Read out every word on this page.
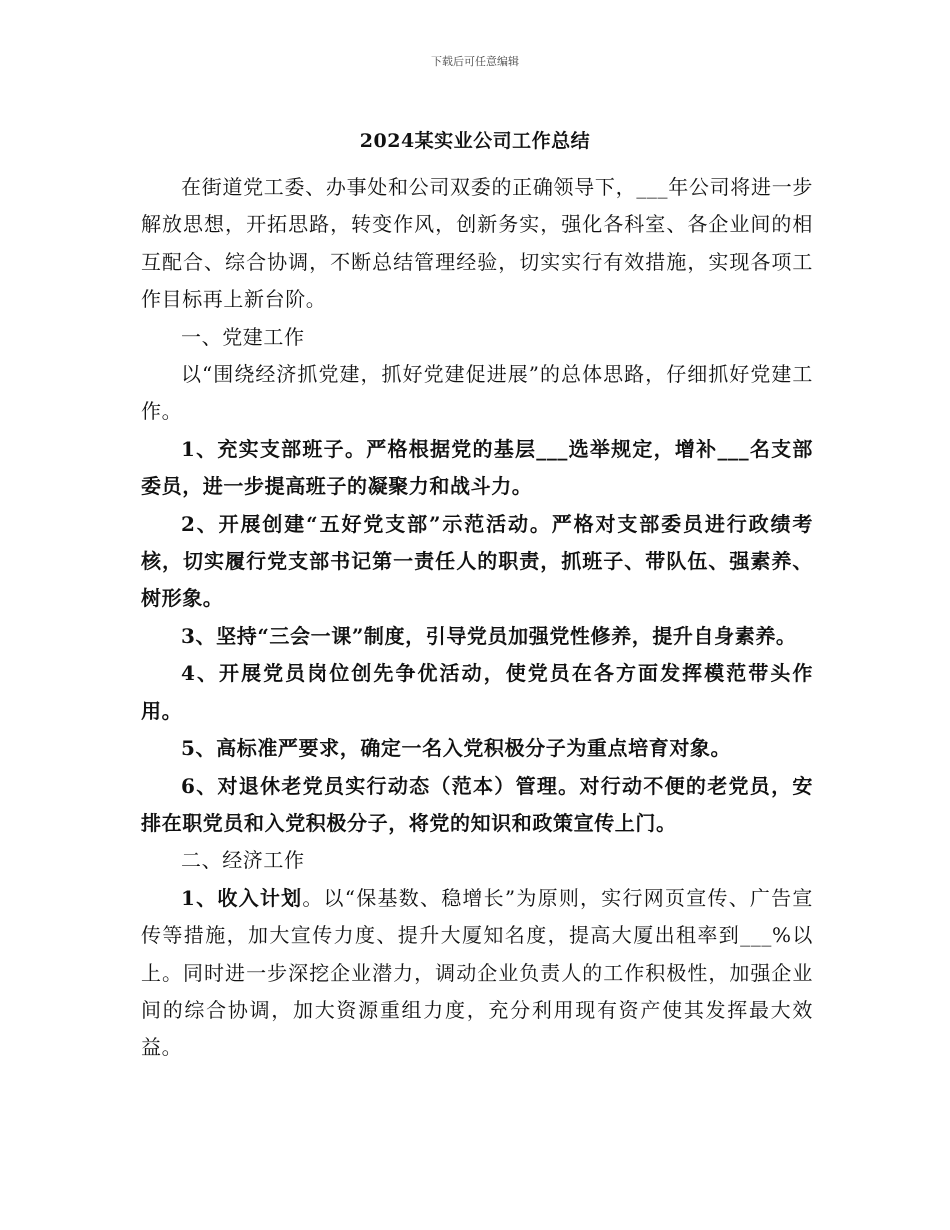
下载后可任意编辑
2024某实业公司工作总结

在街道党工委、办事处和公司双委的正确领导下，___年公司将进一步解放思想，开拓思路，转变作风，创新务实，强化各科室、各企业间的相互配合、综合协调，不断总结管理经验，切实实行有效措施，实现各项工作目标再上新台阶。

一、党建工作

以“围绕经济抓党建，抓好党建促进展”的总体思路，仔细抓好党建工作。

1、充实支部班子。严格根据党的基层___选举规定，增补___名支部委员，进一步提高班子的凝聚力和战斗力。

2、开展创建“五好党支部”示范活动。严格对支部委员进行政绩考核，切实履行党支部书记第一责任人的职责，抓班子、带队伍、强素养、树形象。

3、坚持“三会一课”制度，引导党员加强党性修养，提升自身素养。

4、开展党员岗位创先争优活动，使党员在各方面发挥模范带头作用。

5、高标准严要求，确定一名入党积极分子为重点培育对象。

6、对退休老党员实行动态（范本）管理。对行动不便的老党员，安排在职党员和入党积极分子，将党的知识和政策宣传上门。

二、经济工作

1、收入计划。以“保基数、稳增长”为原则，实行网页宣传、广告宣传等措施，加大宣传力度、提升大厦知名度，提高大厦出租率到___%以上。同时进一步深挖企业潜力，调动企业负责人的工作积极性，加强企业间的综合协调，加大资源重组力度，充分利用现有资产使其发挥最大效益。
